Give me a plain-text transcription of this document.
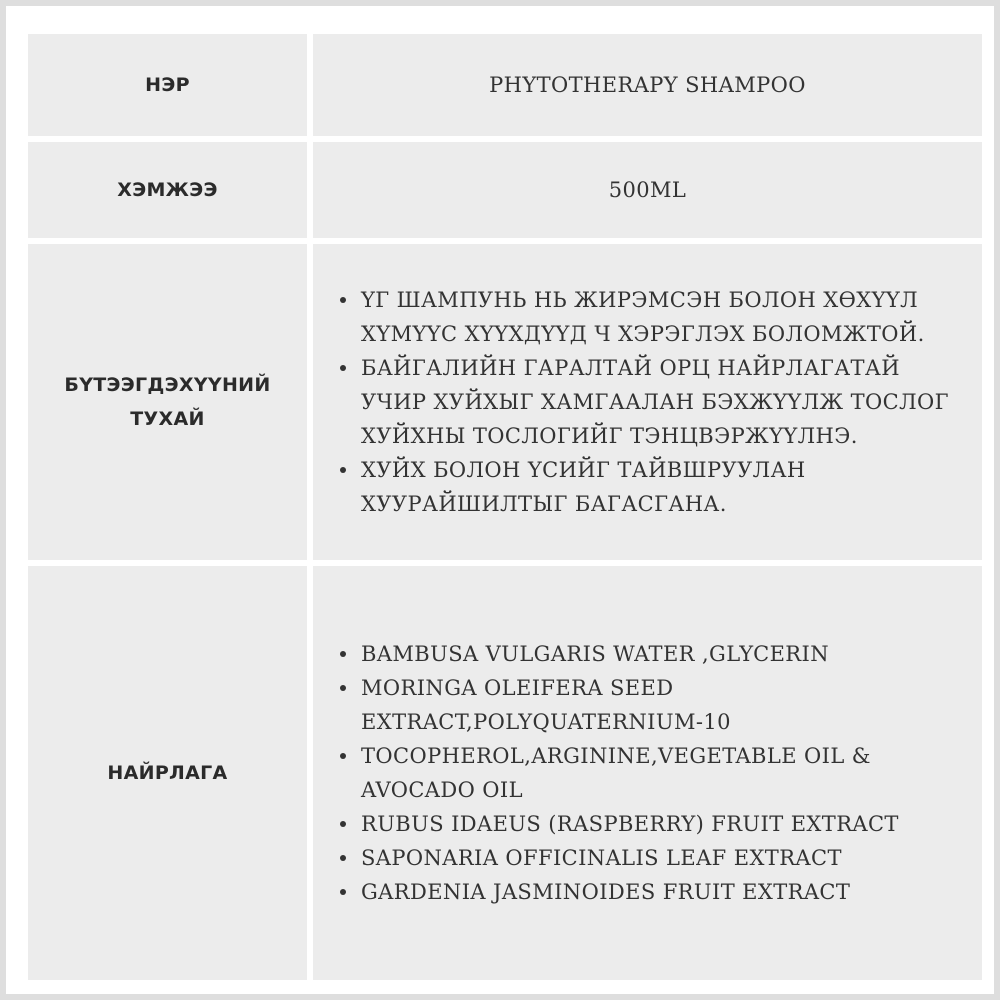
НЭР	PHYTOTHERAPY SHAMPOO
ХЭМЖЭЭ	500ML
БҮТЭЭГДЭХҮҮНИЙ
ТУХАЙ
ҮГ ШАМПУНЬ НЬ ЖИРЭМСЭН БОЛОН ХӨХҮҮЛ ХҮМҮҮС ХҮҮХДҮҮД Ч ХЭРЭГЛЭХ БОЛОМЖТОЙ.
БАЙГАЛИЙН ГАРАЛТАЙ ОРЦ НАЙРЛАГАТАЙ УЧИР ХУЙХЫГ ХАМГААЛАН БЭХЖҮҮЛЖ ТОСЛОГ ХУЙХНЫ ТОСЛОГИЙГ ТЭНЦВЭРЖҮҮЛНЭ.
ХУЙХ БОЛОН ҮСИЙГ ТАЙВШРУУЛАН ХУУРАЙШИЛТЫГ БАГАСГАНА.
НАЙРЛАГА
BAMBUSA VULGARIS WATER ,GLYCERIN
MORINGA OLEIFERA SEED EXTRACT,POLYQUATERNIUM-10
TOCOPHEROL,ARGININE,VEGETABLE OIL & AVOCADO OIL
RUBUS IDAEUS (RASPBERRY) FRUIT EXTRACT
SAPONARIA OFFICINALIS LEAF EXTRACT
GARDENIA JASMINOIDES FRUIT EXTRACT
